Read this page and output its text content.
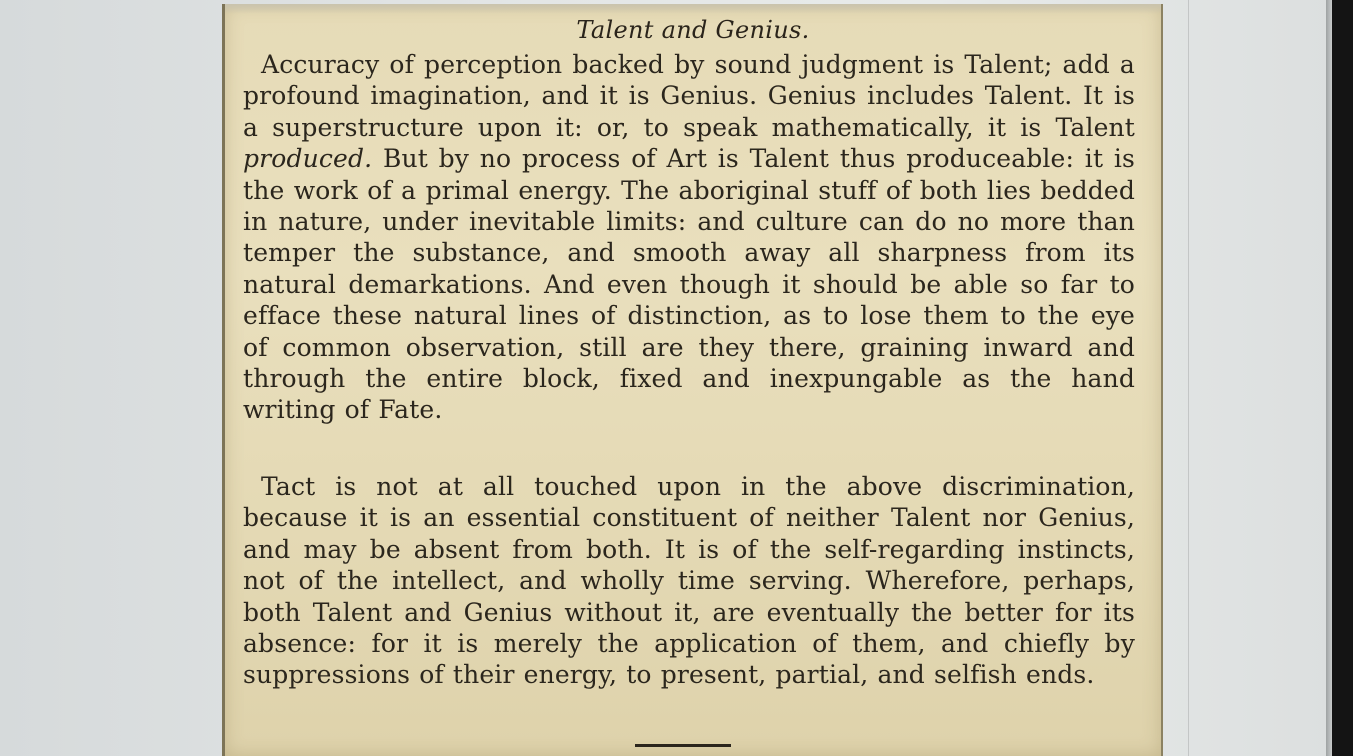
Talent and Genius.

Accuracy of perception backed by sound judgment is Talent; add a profound imagination, and it is Genius. Genius includes Talent. It is a superstructure upon it: or, to speak mathematically, it is Talent produced. But by no process of Art is Talent thus produceable: it is the work of a primal energy. The aboriginal stuff of both lies bedded in nature, under inevitable limits: and culture can do no more than temper the substance, and smooth away all sharpness from its natural demarkations. And even though it should be able so far to efface these natural lines of distinction, as to lose them to the eye of common observation, still are they there, graining inward and through the entire block, fixed and inexpungable as the hand writing of Fate.

Tact is not at all touched upon in the above discrimination, because it is an essential constituent of neither Talent nor Genius, and may be absent from both. It is of the self-regarding instincts, not of the intellect, and wholly time serving. Wherefore, perhaps, both Talent and Genius without it, are eventually the better for its absence: for it is merely the application of them, and chiefly by suppressions of their energy, to present, partial, and selfish ends.
